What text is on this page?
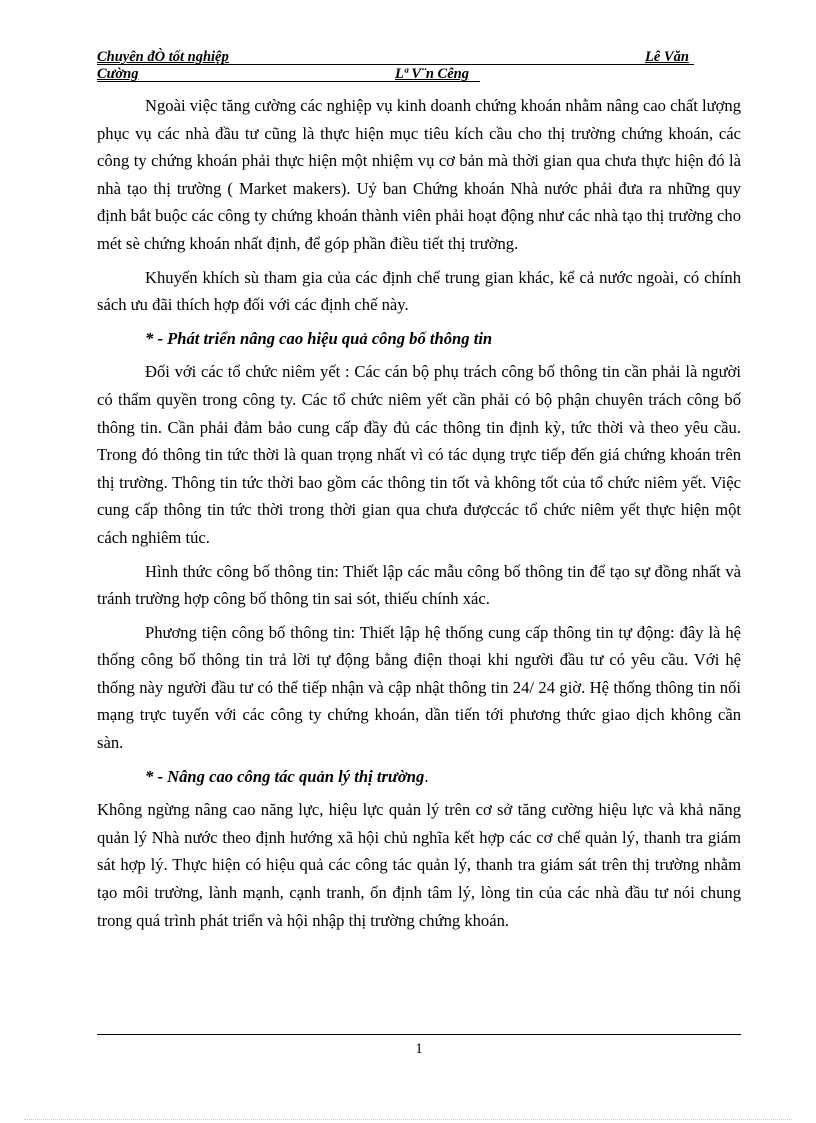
Chuyên đÒ tốt nghiệp	Lê Văn
Cường	Lª V¨n Cêng

Ngoài việc tăng cường các nghiệp vụ kinh doanh chứng khoán nhằm nâng cao chất lượng phục vụ các nhà đầu tư cũng là thực hiện mục tiêu kích cầu cho thị trường chứng khoán, các công ty chứng khoán phải thực hiện một nhiệm vụ cơ bản mà thời gian qua chưa thực hiện đó là nhà tạo thị trường ( Market makers). Uỷ ban Chứng khoán Nhà nước phải đưa ra những quy định bắt buộc các công ty chứng khoán thành viên phải hoạt động như các nhà tạo thị trường cho mét sè chứng khoán nhất định, để góp phần điều tiết thị trường.

Khuyến khích sù tham gia của các định chế trung gian khác, kể cả nước ngoài, có chính sách ưu đãi thích hợp đối với các định chế này.

* - Phát triển nâng cao hiệu quả công bố thông tin

Đối với các tổ chức niêm yết : Các cán bộ phụ trách công bố thông tin cần phải là người có thẩm quyền trong công ty. Các tổ chức niêm yết cần phải có bộ phận chuyên trách công bố thông tin. Cần phải đảm bảo cung cấp đầy đủ các thông tin định kỳ, tức thời và theo yêu cầu. Trong đó thông tin tức thời là quan trọng nhất vì có tác dụng trực tiếp đến giá chứng khoán trên thị trường. Thông tin tức thời bao gồm các thông tin tốt và không tốt của tổ chức niêm yết. Việc cung cấp thông tin tức thời trong thời gian qua chưa đượccác tổ chức niêm yết thực hiện một cách nghiêm túc.

Hình thức công bố thông tin: Thiết lập các mẫu công bố thông tin để tạo sự đồng nhất và tránh trường hợp công bố thông tin sai sót, thiếu chính xác.

Phương tiện công bố thông tin: Thiết lập hệ thống cung cấp thông tin tự động: đây là hệ thống công bố thông tin trả lời tự động bằng điện thoại khi người đầu tư có yêu cầu. Với hệ thống này người đầu tư có thể tiếp nhận và cập nhật thông tin 24/ 24 giờ. Hệ thống thông tin nối mạng trực tuyến với các công ty chứng khoán, dần tiến tới phương thức giao dịch không cần sàn.

* - Nâng cao công tác quản lý thị trường.

Không ngừng nâng cao năng lực, hiệu lực quản lý trên cơ sở tăng cường hiệu lực và khả năng quản lý Nhà nước theo định hướng xã hội chủ nghĩa kết hợp các cơ chế quản lý, thanh tra giám sát hợp lý. Thực hiện có hiệu quả các công tác quản lý, thanh tra giám sát trên thị trường nhằm tạo môi trường, lành mạnh, cạnh tranh, ổn định tâm lý, lòng tin của các nhà đầu tư nói chung trong quá trình phát triển và hội nhập thị trường chứng khoán.

1
